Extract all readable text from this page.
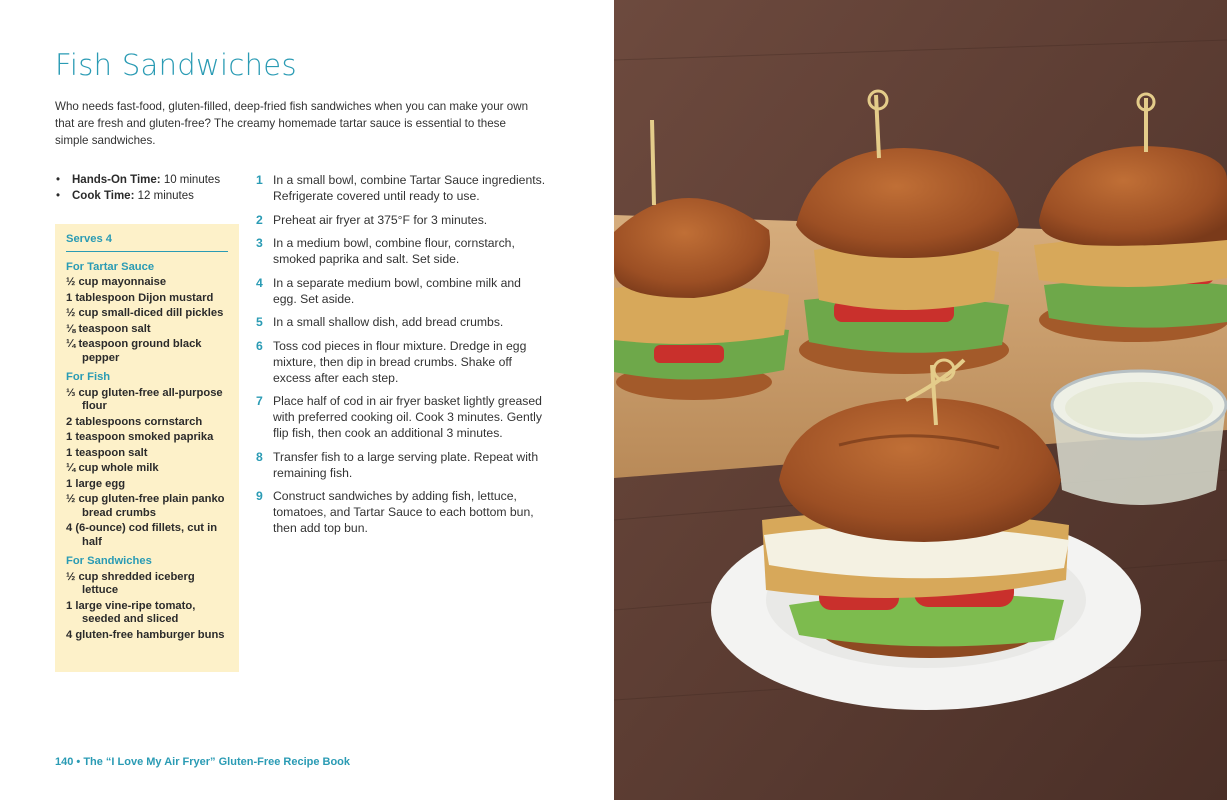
Fish Sandwiches

Who needs fast-food, gluten-filled, deep-fried fish sandwiches when you can make your own that are fresh and gluten-free? The creamy homemade tartar sauce is essential to these simple sandwiches.

• Hands-On Time: 10 minutes
• Cook Time: 12 minutes
Serves 4
For Tartar Sauce
½ cup mayonnaise
1 tablespoon Dijon mustard
½ cup small-diced dill pickles
⅛ teaspoon salt
¼ teaspoon ground black pepper
For Fish
⅓ cup gluten-free all-purpose flour
2 tablespoons cornstarch
1 teaspoon smoked paprika
1 teaspoon salt
¼ cup whole milk
1 large egg
½ cup gluten-free plain panko bread crumbs
4 (6-ounce) cod fillets, cut in half
For Sandwiches
½ cup shredded iceberg lettuce
1 large vine-ripe tomato, seeded and sliced
4 gluten-free hamburger buns
1 In a small bowl, combine Tartar Sauce ingredients. Refrigerate covered until ready to use.
2 Preheat air fryer at 375°F for 3 minutes.
3 In a medium bowl, combine flour, cornstarch, smoked paprika and salt. Set side.
4 In a separate medium bowl, combine milk and egg. Set aside.
5 In a small shallow dish, add bread crumbs.
6 Toss cod pieces in flour mixture. Dredge in egg mixture, then dip in bread crumbs. Shake off excess after each step.
7 Place half of cod in air fryer basket lightly greased with preferred cooking oil. Cook 3 minutes. Gently flip fish, then cook an additional 3 minutes.
8 Transfer fish to a large serving plate. Repeat with remaining fish.
9 Construct sandwiches by adding fish, lettuce, tomatoes, and Tartar Sauce to each bottom bun, then add top bun.
140 • The “I Love My Air Fryer” Gluten-Free Recipe Book
